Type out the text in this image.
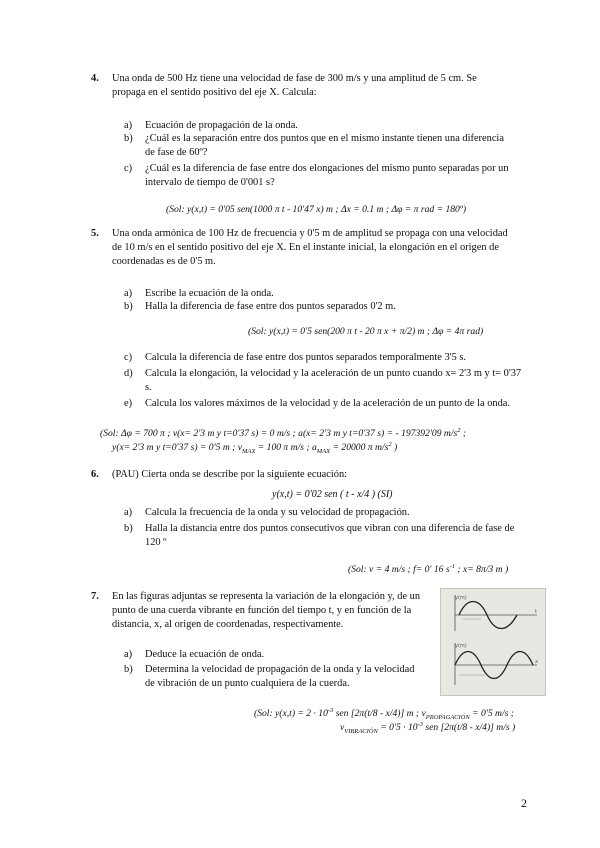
4. Una onda de 500 Hz tiene una velocidad de fase de 300 m/s y una amplitud de 5 cm. Se propaga en el sentido positivo del eje X. Calcula:
a) Ecuación de propagación de la onda.
b) ¿Cuál es la separación entre dos puntos que en el mismo instante tienen una diferencia de fase de 60º?
c) ¿Cuál es la diferencia de fase entre dos elongaciones del mismo punto separadas por un intervalo de tiempo de 0'001 s?
(Sol: y(x,t) = 0'05 sen(1000 π t - 10'47 x) m ; Δx = 0.1 m ; Δφ = π rad = 180º)
5. Una onda armónica de 100 Hz de frecuencia y 0'5 m de amplitud se propaga con una velocidad de 10 m/s en el sentido positivo del eje X. En el instante inicial, la elongación en el origen de coordenadas es de 0'5 m.
a) Escribe la ecuación de la onda.
b) Halla la diferencia de fase entre dos puntos separados 0'2 m.
(Sol: y(x,t) = 0'5 sen(200 π t - 20 π x + π/2) m ; Δφ = 4π rad)
c) Calcula la diferencia de fase entre dos puntos separados temporalmente 3'5 s.
d) Calcula la elongación, la velocidad y la aceleración de un punto cuando x= 2'3 m y t= 0'37 s.
e) Calcula los valores máximos de la velocidad y de la aceleración de un punto de la onda.
(Sol: Δφ = 700 π ; v(x= 2'3 m y t=0'37 s) = 0 m/s ; a(x= 2'3 m y t=0'37 s) = - 197392'09 $m/s^2$ ;
y(x= 2'3 m y t=0'37 s) = 0'5 m ; $v_{MAX} = 100$ π m/s ; $a_{MAX} = 20000$ π $m/s^2$ )
6. (PAU) Cierta onda se describe por la siguiente ecuación:
y(x,t) = 0'02 sen ( t - x/4 ) (SI)
a) Calcula la frecuencia de la onda y su velocidad de propagación.
b) Halla la distancia entre dos puntos consecutivos que vibran con una diferencia de fase de 120 º
(Sol: v = 4 m/s ; f= 0' 16 $s^{-1}$ ; x= 8π/3 m )
7. En las figuras adjuntas se representa la variación de la elongación y, de un punto de una cuerda vibrante en función del tiempo t, y en función de la distancia, x, al origen de coordenadas, respectivamente.
a) Deduce la ecuación de onda.
b) Determina la velocidad de propagación de la onda y la velocidad de vibración de un punto cualquiera de la cuerda.
y(m)
t
y(m)
x
(Sol: $y(x,t) = 2 \cdot 10^{-3}$ sen [2π(t/8 - x/4)] m ; $v_{PROPAGACIÓN} = 0'5$ m/s ;
$v_{VIBRACIÓN} = 0'5 \cdot 10^{-3}$ sen [2π(t/8 - x/4)] m/s )
2
